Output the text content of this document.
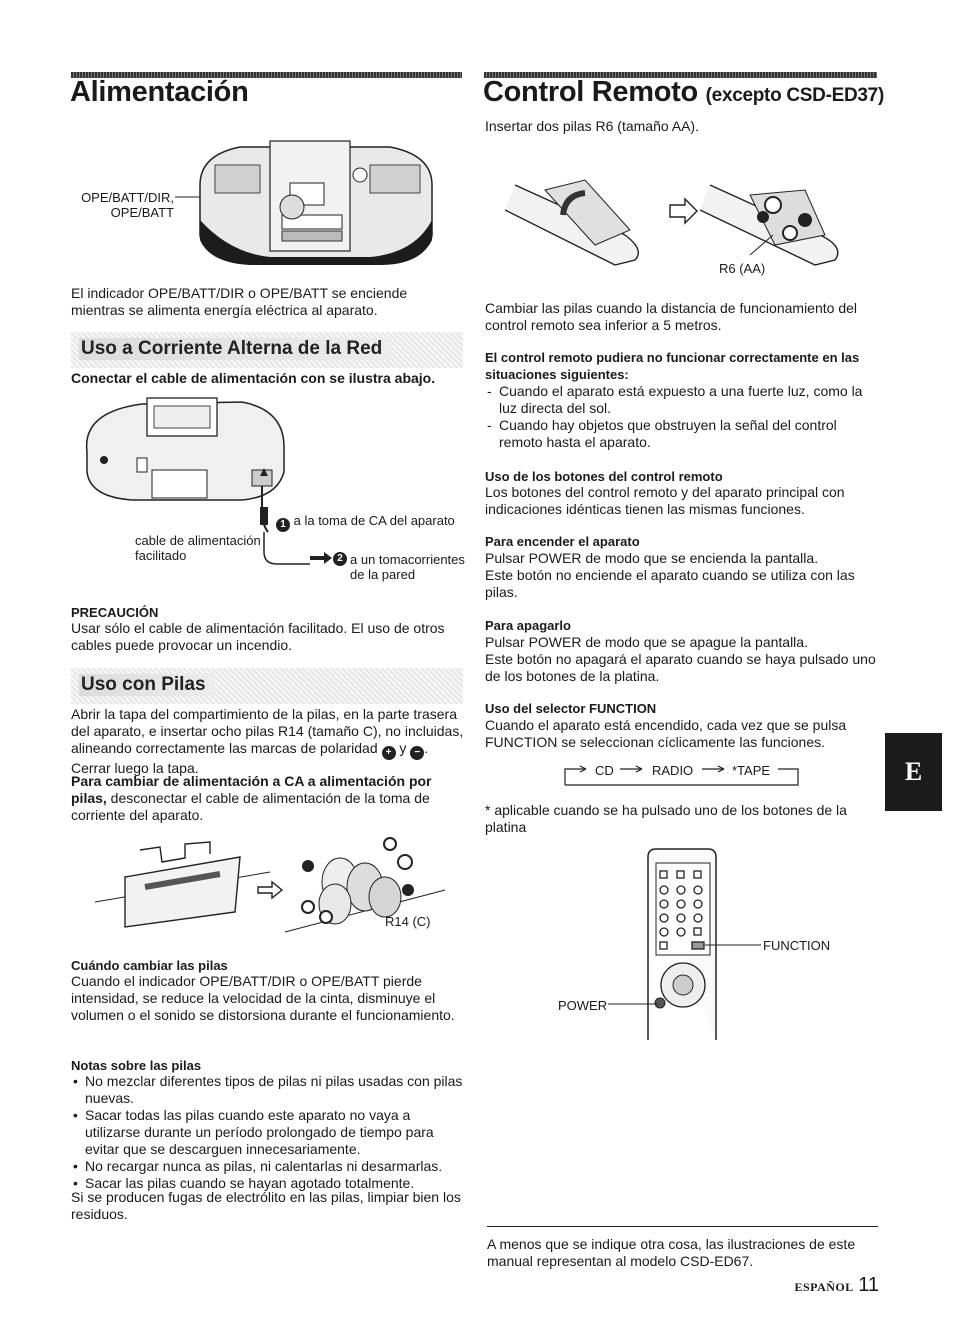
Alimentación
OPE/BATT/DIR,
OPE/BATT

El indicador OPE/BATT/DIR o OPE/BATT se enciende mientras se alimenta energía eléctrica al aparato.

Uso a Corriente Alterna de la Red

Conectar el cable de alimentación con se ilustra abajo.

1 a la toma de CA del aparato
cable de alimentación
facilitado	2 a un tomacorrientes
de la pared

PRECAUCIÓN

Usar sólo el cable de alimentación facilitado. El uso de otros cables puede provocar un incendio.

Uso con Pilas

Abrir la tapa del compartimiento de la pilas, en la parte trasera del aparato, e insertar ocho pilas R14 (tamaño C), no incluidas, alineando correctamente las marcas de polaridad + y − . Cerrar luego la tapa.

Para cambiar de alimentación a CA a alimentación por pilas, desconectar el cable de alimentación de la toma de corriente del aparato.

R14 (C)

Cuándo cambiar las pilas

Cuando el indicador OPE/BATT/DIR o OPE/BATT pierde intensidad, se reduce la velocidad de la cinta, disminuye el volumen o el sonido se distorsiona durante el funcionamiento.

Notas sobre las pilas

• No mezclar diferentes tipos de pilas ni pilas usadas con pilas nuevas.
• Sacar todas las pilas cuando este aparato no vaya a utilizarse durante un período prolongado de tiempo para evitar que se descarguen innecesariamente.
• No recargar nunca as pilas, ni calentarlas ni desarmarlas.
• Sacar las pilas cuando se hayan agotado totalmente.

Si se producen fugas de electrólito en las pilas, limpiar bien los residuos.

Control Remoto (excepto CSD-ED37)

Insertar dos pilas R6 (tamaño AA).

R6 (AA)

Cambiar las pilas cuando la distancia de funcionamiento del control remoto sea inferior a 5 metros.

El control remoto pudiera no funcionar correctamente en las situaciones siguientes:

- Cuando el aparato está expuesto a una fuerte luz, como la luz directa del sol.
- Cuando hay objetos que obstruyen la señal del control remoto hasta el aparato.

Uso de los botones del control remoto

Los botones del control remoto y del aparato principal con indicaciones idénticas tienen las mismas funciones.

Para encender el aparato

Pulsar POWER de modo que se encienda la pantalla.

Este botón no enciende el aparato cuando se utiliza con las pilas.

Para apagarlo

Pulsar POWER de modo que se apague la pantalla.

Este botón no apagará el aparato cuando se haya pulsado uno de los botones de la platina.

Uso del selector FUNCTION

Cuando el aparato está encendido, cada vez que se pulsa FUNCTION se seleccionan cíclicamente las funciones.

CD	RADIO	*TAPE

* aplicable cuando se ha pulsado uno de los botones de la platina

FUNCTION
POWER

A menos que se indique otra cosa, las ilustraciones de este manual representan al modelo CSD-ED67.

ESPAÑOL 11
E
